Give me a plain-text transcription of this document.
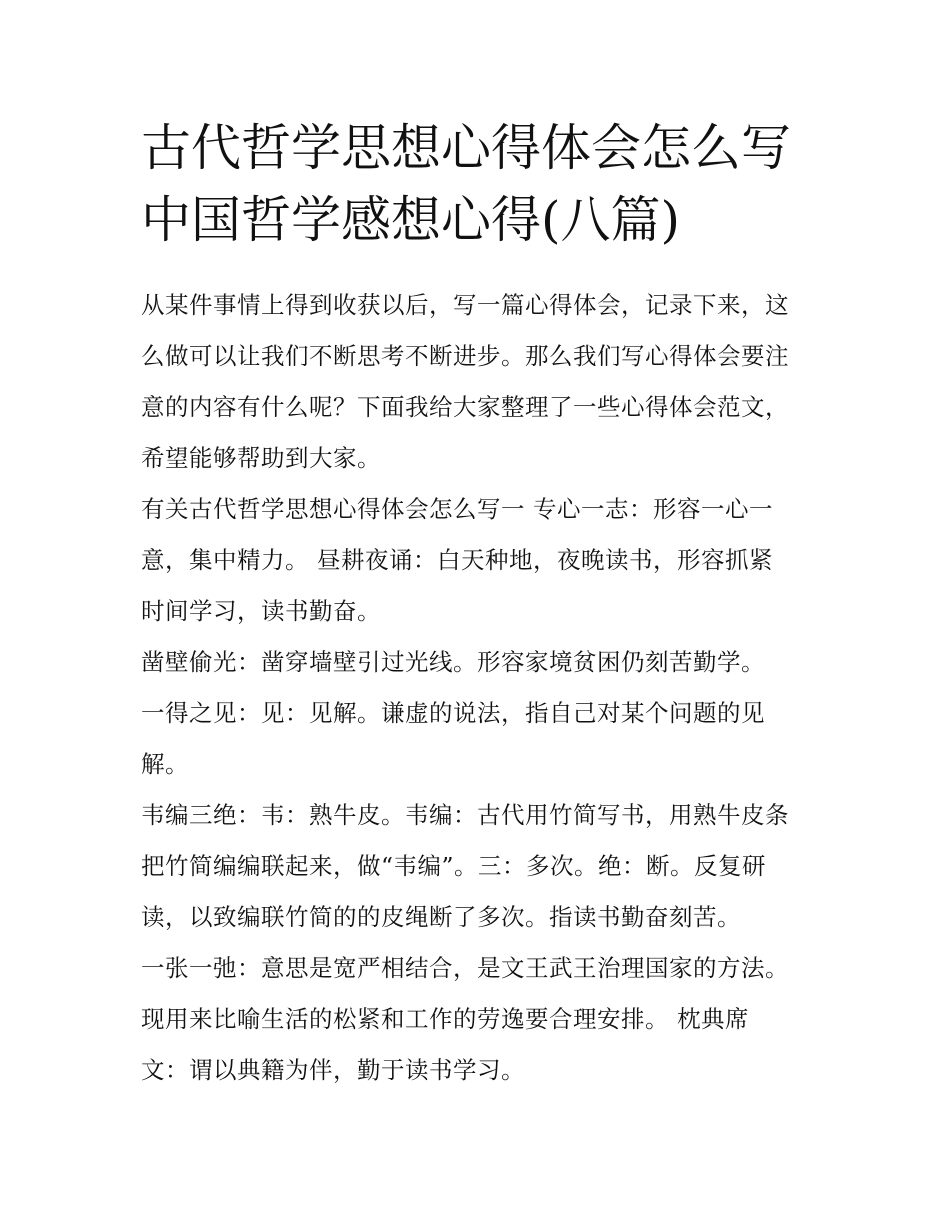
古代哲学思想心得体会怎么写
中国哲学感想心得(八篇)

从某件事情上得到收获以后，写一篇心得体会，记录下来，这
么做可以让我们不断思考不断进步。那么我们写心得体会要注
意的内容有什么呢？下面我给大家整理了一些心得体会范文，
希望能够帮助到大家。

有关古代哲学思想心得体会怎么写一 专心一志：形容一心一
意，集中精力。 昼耕夜诵：白天种地，夜晚读书，形容抓紧
时间学习，读书勤奋。

凿壁偷光：凿穿墙壁引过光线。形容家境贫困仍刻苦勤学。

一得之见：见：见解。谦虚的说法，指自己对某个问题的见
解。

韦编三绝：韦：熟牛皮。韦编：古代用竹简写书，用熟牛皮条
把竹简编编联起来，做“韦编”。三：多次。绝：断。反复研
读，以致编联竹简的的皮绳断了多次。指读书勤奋刻苦。

一张一弛：意思是宽严相结合，是文王武王治理国家的方法。
现用来比喻生活的松紧和工作的劳逸要合理安排。 枕典席
文：谓以典籍为伴，勤于读书学习。
